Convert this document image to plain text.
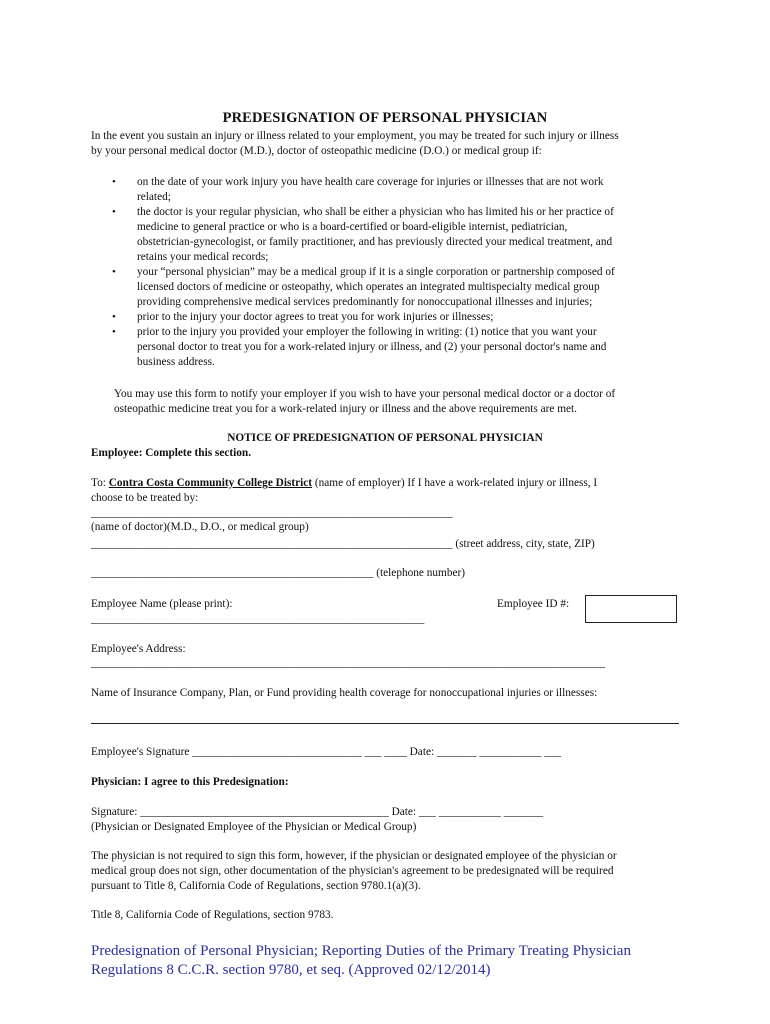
PREDESIGNATION OF PERSONAL PHYSICIAN
In the event you sustain an injury or illness related to your employment, you may be treated for such injury or illness
by your personal medical doctor (M.D.), doctor of osteopathic medicine (D.O.) or medical group if:
• on the date of your work injury you have health care coverage for injuries or illnesses that are not work
related;
• the doctor is your regular physician, who shall be either a physician who has limited his or her practice of
medicine to general practice or who is a board-certified or board-eligible internist, pediatrician,
obstetrician-gynecologist, or family practitioner, and has previously directed your medical treatment, and
retains your medical records;
• your “personal physician” may be a medical group if it is a single corporation or partnership composed of
licensed doctors of medicine or osteopathy, which operates an integrated multispecialty medical group
providing comprehensive medical services predominantly for nonoccupational illnesses and injuries;
• prior to the injury your doctor agrees to treat you for work injuries or illnesses;
• prior to the injury you provided your employer the following in writing: (1) notice that you want your
personal doctor to treat you for a work-related injury or illness, and (2) your personal doctor's name and
business address.
You may use this form to notify your employer if you wish to have your personal medical doctor or a doctor of
osteopathic medicine treat you for a work-related injury or illness and the above requirements are met.
NOTICE OF PREDESIGNATION OF PERSONAL PHYSICIAN
Employee: Complete this section.
To: Contra Costa Community College District (name of employer) If I have a work-related injury or illness, I
choose to be treated by:
________________________________________________________________
(name of doctor)(M.D., D.O., or medical group)
________________________________________________________________ (street address, city, state, ZIP)
__________________________________________________ (telephone number)
Employee Name (please print):	Employee ID #:
___________________________________________________________
Employee's Address:
___________________________________________________________________________________________
Name of Insurance Company, Plan, or Fund providing health coverage for nonoccupational injuries or illnesses:
Employee's Signature ______________________________ ___ ____ Date: _______ ___________ ___
Physician: I agree to this Predesignation:
Signature: ____________________________________________ Date: ___ ___________ _______
(Physician or Designated Employee of the Physician or Medical Group)
The physician is not required to sign this form, however, if the physician or designated employee of the physician or
medical group does not sign, other documentation of the physician's agreement to be predesignated will be required
pursuant to Title 8, California Code of Regulations, section 9780.1(a)(3).
Title 8, California Code of Regulations, section 9783.
Predesignation of Personal Physician; Reporting Duties of the Primary Treating Physician
Regulations 8 C.C.R. section 9780, et seq. (Approved 02/12/2014)
